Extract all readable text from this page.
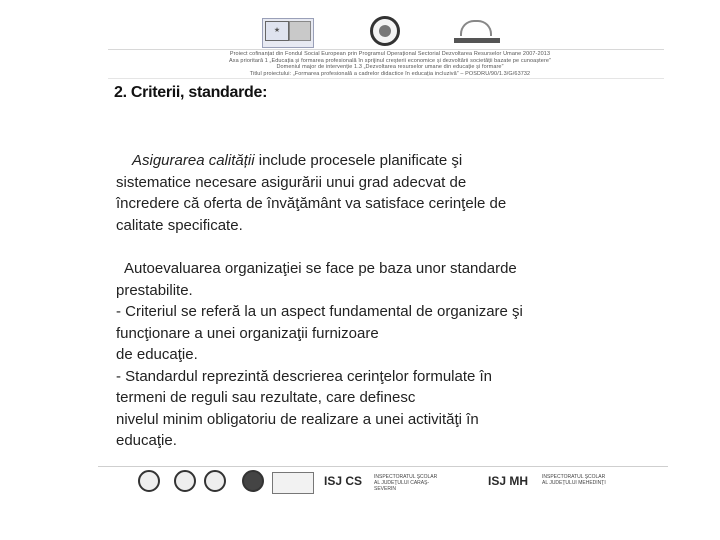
★
Proiect cofinanțat din Fondul Social European prin Programul Operațional Sectorial Dezvoltarea Resurselor Umane 2007-2013
Axa prioritară 1 „Educația și formarea profesională în sprijinul creșterii economice și dezvoltării societății bazate pe cunoaștere”
Domeniul major de intervenție 1.3 „Dezvoltarea resurselor umane din educație și formare”
Titlul proiectului: „Formarea profesională a cadrelor didactice în educația incluzivă” – POSDRU/90/1.3/G/63732
2. Criterii, standarde:
Asigurarea calității include procesele planificate şi
sistematice necesare asigurării unui grad adecvat de
încredere că oferta de învăţământ va satisface cerinţele de
calitate specificate.
Autoevaluarea organizaţiei se face pe baza unor standarde
prestabilite.
- Criteriul se referă la un aspect fundamental de organizare şi
funcţionare a unei organizaţii furnizoare
de educaţie.
- Standardul reprezintă descrierea cerinţelor formulate în
termeni de reguli sau rezultate, care definesc
nivelul minim obligatoriu de realizare a unei activităţi în
educaţie.
ISJ CS INSPECTORATUL ŞCOLAR AL JUDEŢULUI CARAŞ-SEVERIN
ISJ MH	INSPECTORATUL ŞCOLAR AL JUDEŢULUI MEHEDINŢI
